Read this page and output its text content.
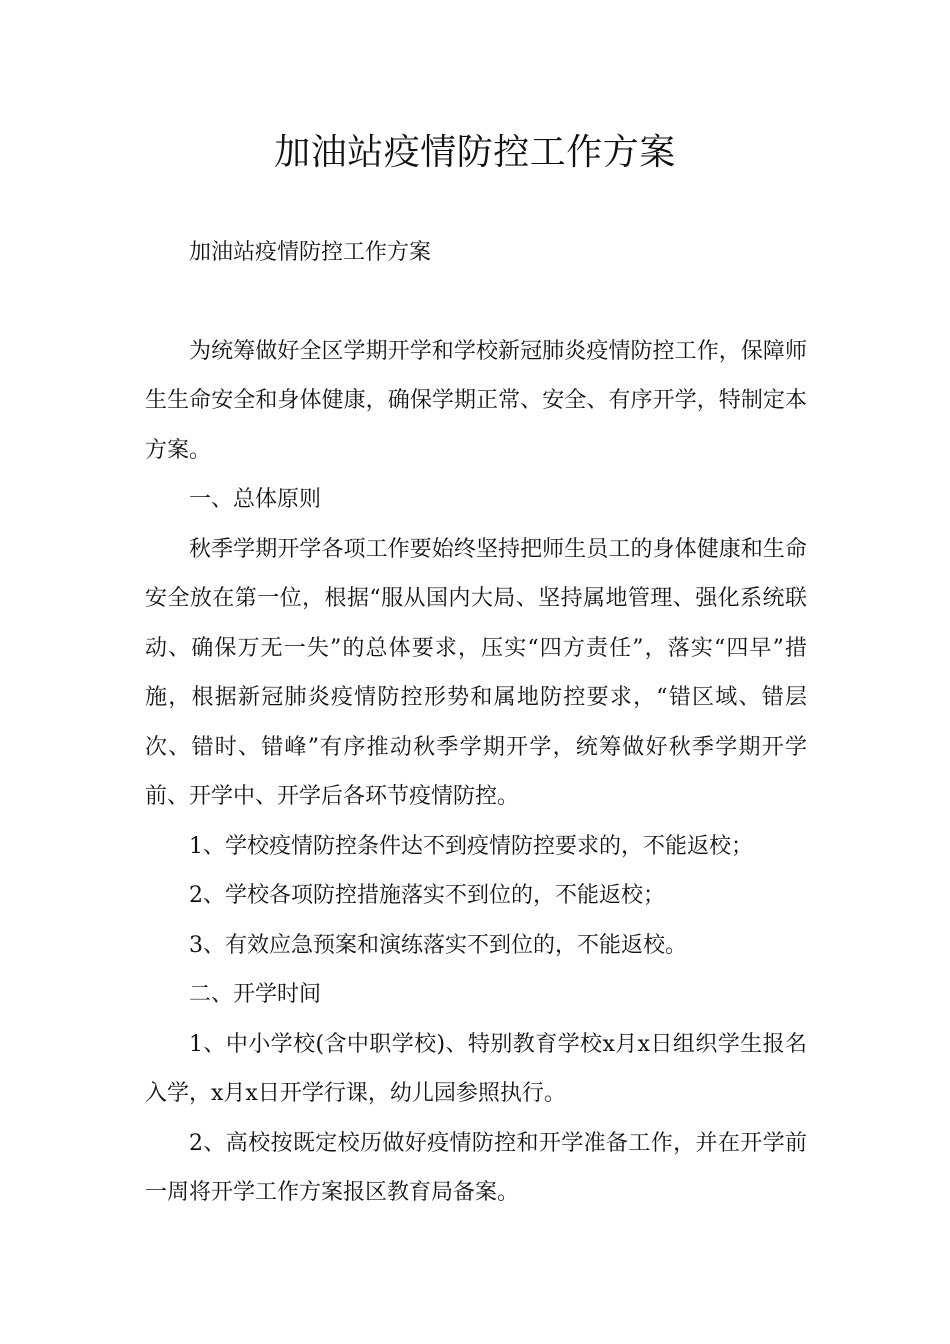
加油站疫情防控工作方案

加油站疫情防控工作方案

为统筹做好全区学期开学和学校新冠肺炎疫情防控工作，保障师生生命安全和身体健康，确保学期正常、安全、有序开学，特制定本方案。

一、总体原则

秋季学期开学各项工作要始终坚持把师生员工的身体健康和生命安全放在第一位，根据“服从国内大局、坚持属地管理、强化系统联动、确保万无一失”的总体要求，压实“四方责任”，落实“四早”措施，根据新冠肺炎疫情防控形势和属地防控要求，“错区域、错层次、错时、错峰”有序推动秋季学期开学，统筹做好秋季学期开学前、开学中、开学后各环节疫情防控。

1、学校疫情防控条件达不到疫情防控要求的，不能返校；

2、学校各项防控措施落实不到位的，不能返校；

3、有效应急预案和演练落实不到位的，不能返校。

二、开学时间

1、中小学校(含中职学校)、特别教育学校x月x日组织学生报名入学，x月x日开学行课，幼儿园参照执行。

2、高校按既定校历做好疫情防控和开学准备工作，并在开学前一周将开学工作方案报区教育局备案。
